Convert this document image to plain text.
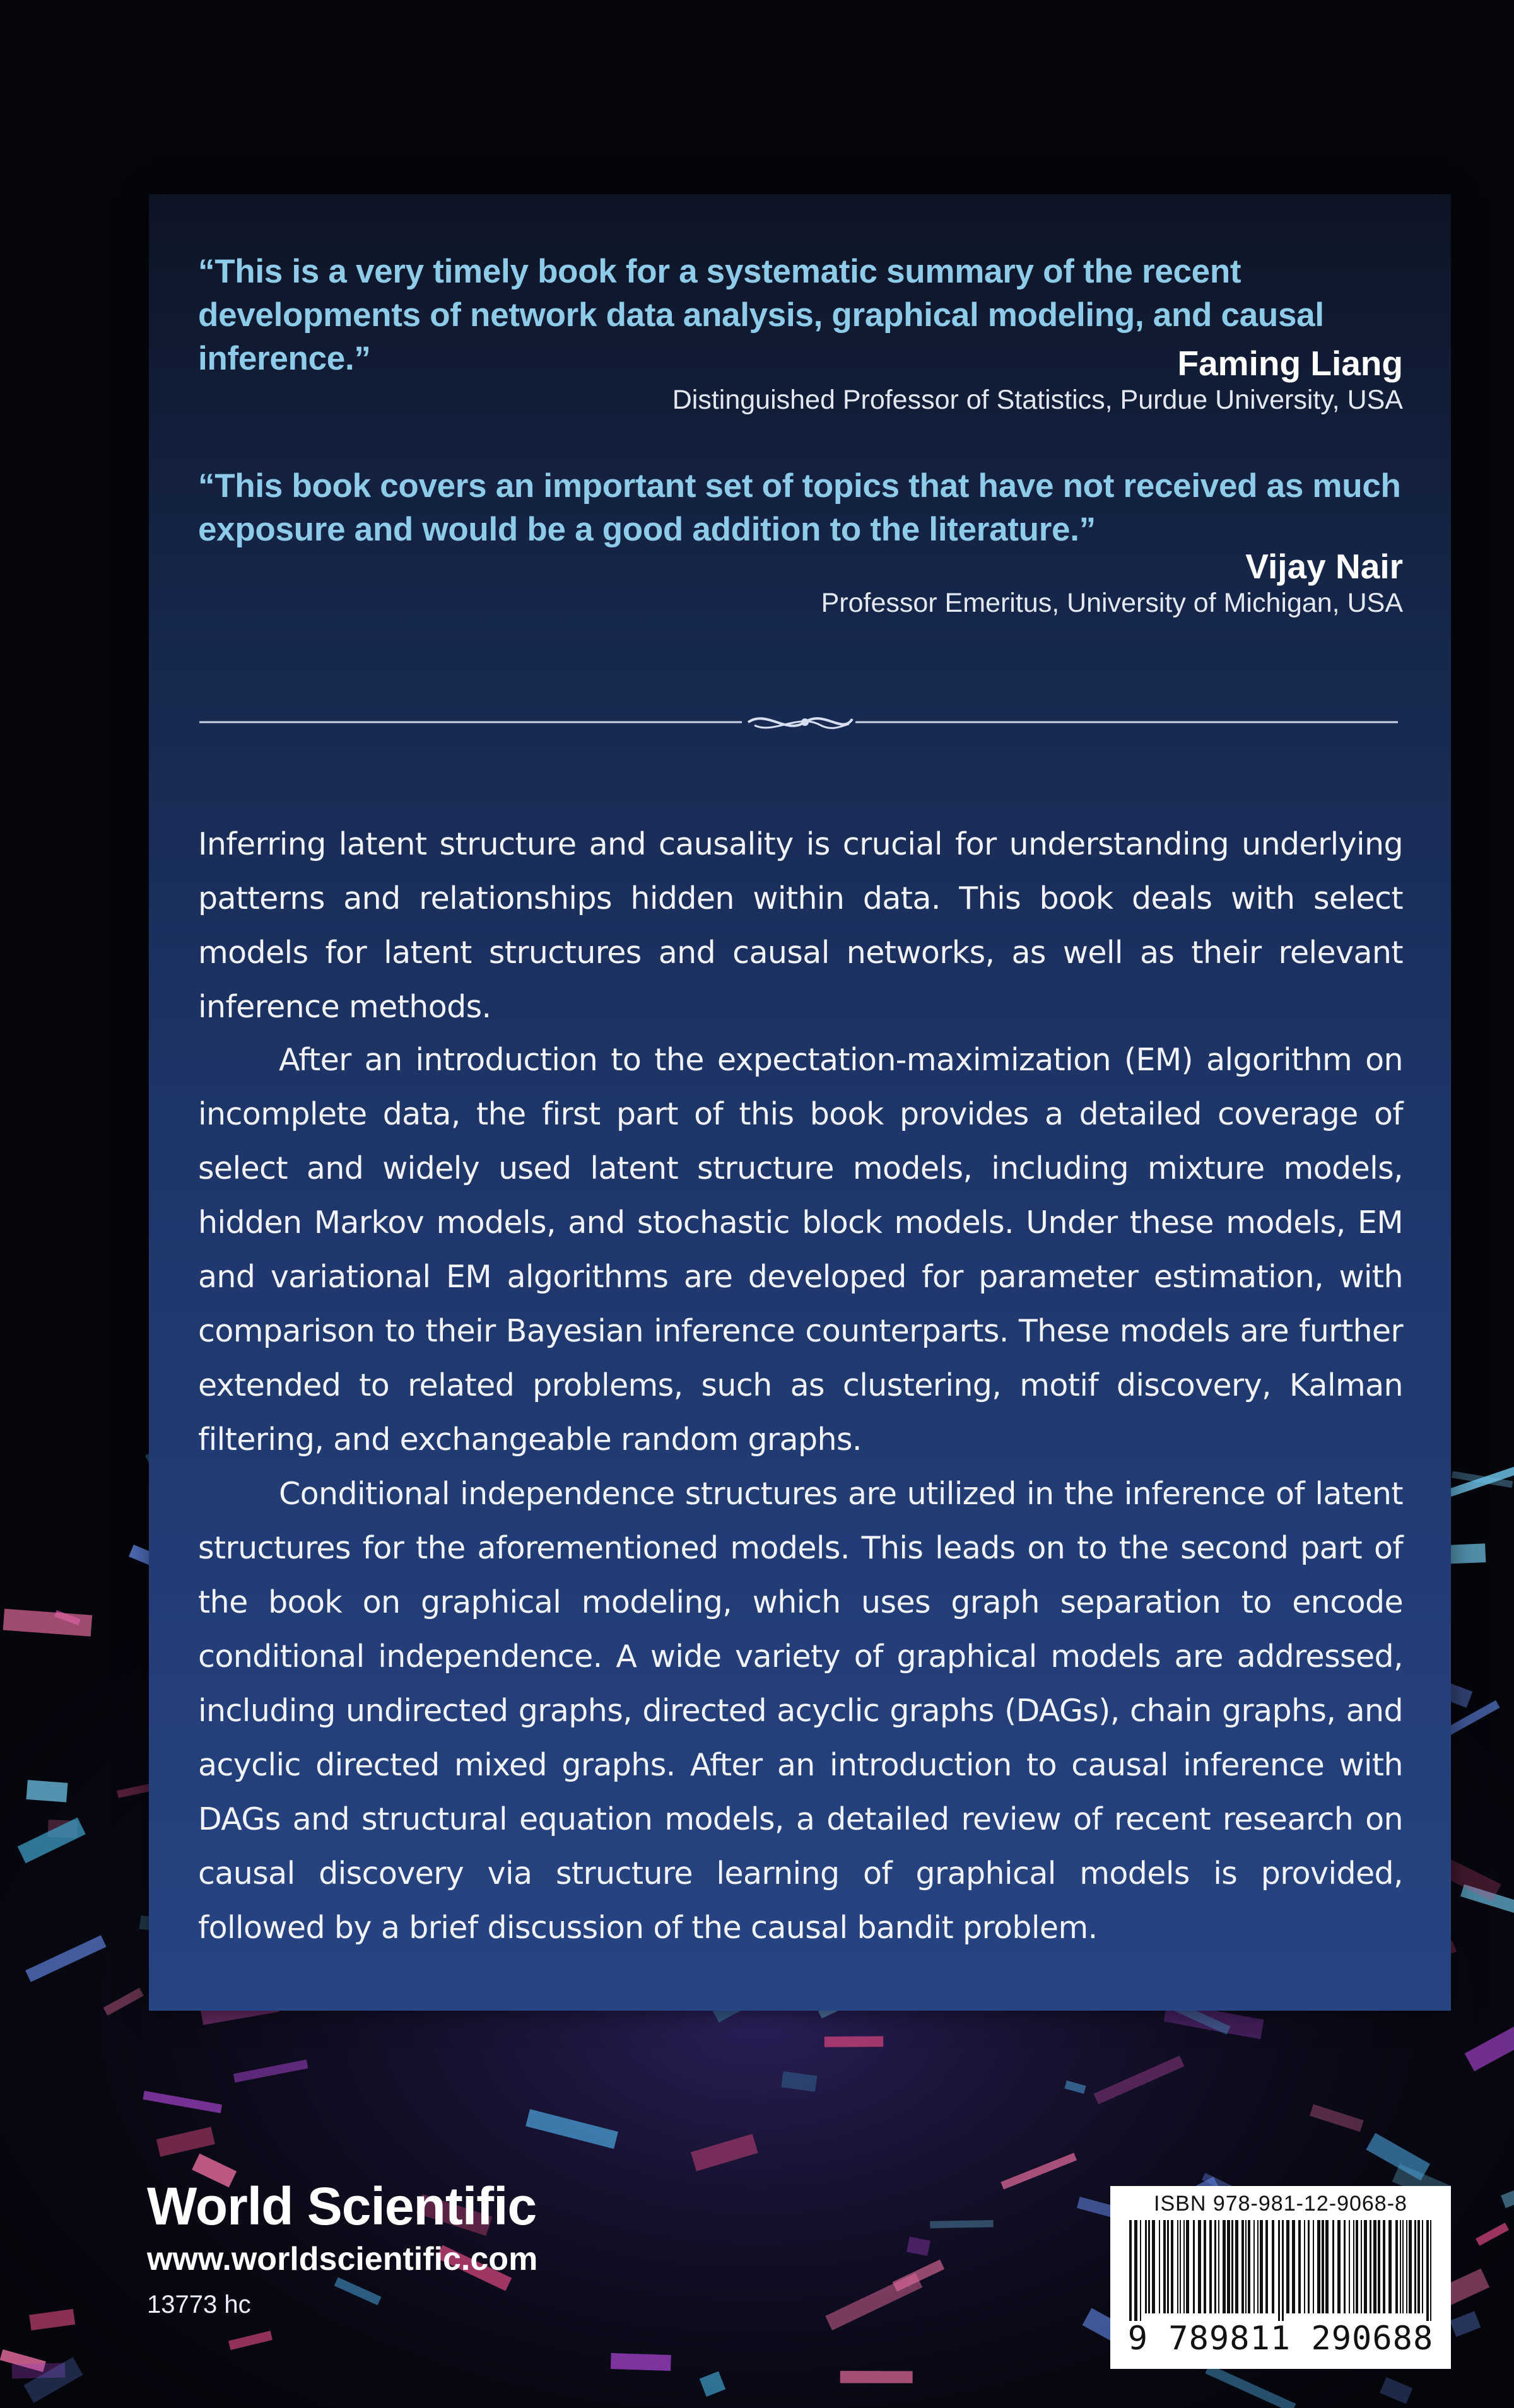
“This is a very timely book for a systematic summary of the recent developments of network data analysis, graphical modeling, and causal inference.”	Faming Liang
Distinguished Professor of Statistics, Purdue University, USA
“This book covers an important set of topics that have not received as much exposure and would be a good addition to the literature.”
Vijay Nair
Professor Emeritus, University of Michigan, USA

Inferring latent structure and causality is crucial for understanding underlying patterns and relationships hidden within data. This book deals with select models for latent structures and causal networks, as well as their relevant inference methods.

After an introduction to the expectation-maximization (EM) algorithm on incomplete data, the first part of this book provides a detailed coverage of select and widely used latent structure models, including mixture models, hidden Markov models, and stochastic block models. Under these models, EM and variational EM algorithms are developed for parameter estimation, with comparison to their Bayesian inference counterparts. These models are further extended to related problems, such as clustering, motif discovery, Kalman filtering, and exchangeable random graphs.

Conditional independence structures are utilized in the inference of latent structures for the aforementioned models. This leads on to the second part of the book on graphical modeling, which uses graph separation to encode conditional independence. A wide variety of graphical models are addressed, including undirected graphs, directed acyclic graphs (DAGs), chain graphs, and acyclic directed mixed graphs. After an introduction to causal inference with DAGs and structural equation models, a detailed review of recent research on causal discovery via structure learning of graphical models is provided, followed by a brief discussion of the causal bandit problem.

World Scientific
www.worldscientific.com
13773 hc
ISBN 978-981-12-9068-8
9 789811 290688
